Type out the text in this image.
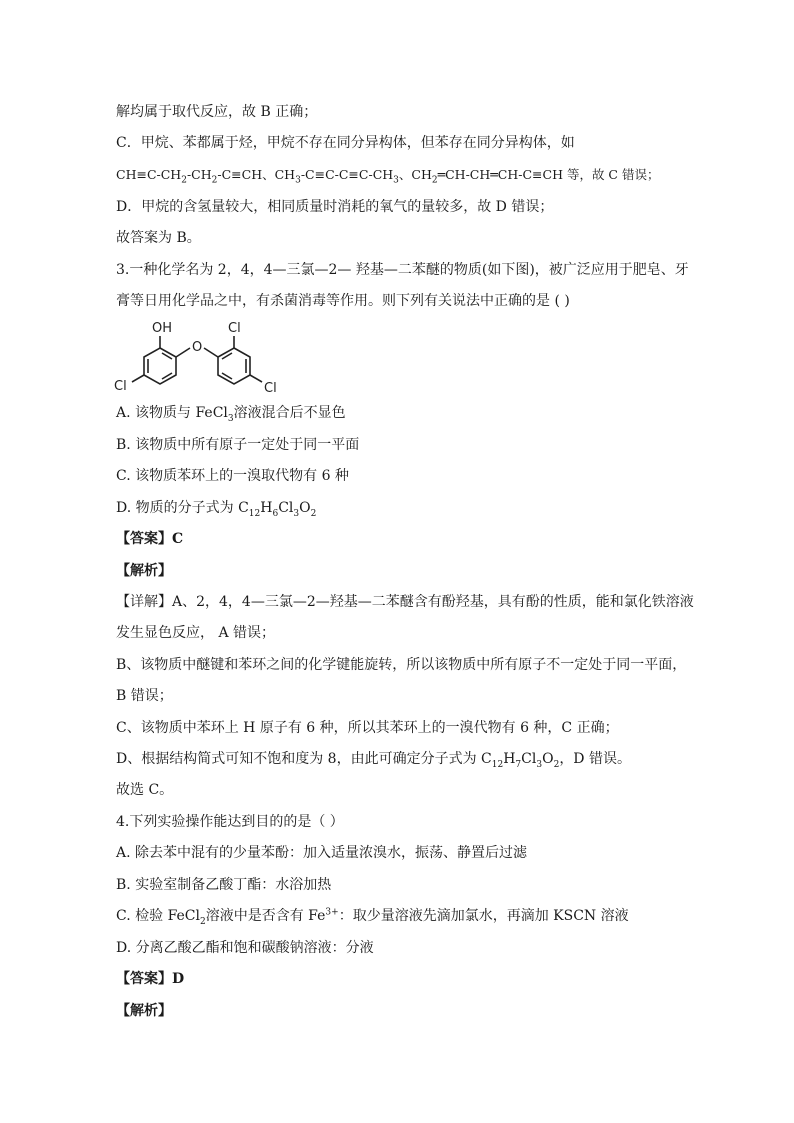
解均属于取代反应，故 B 正确；
C．甲烷、苯都属于烃，甲烷不存在同分异构体，但苯存在同分异构体，如
$CH\equiv C-CH_2-CH_2-C\equiv CH$、$CH_3-C\equiv C-C\equiv C-CH_3$、$CH_2═CH-CH═CH-C\equiv CH$ 等，故 C 错误；
D．甲烷的含氢量较大，相同质量时消耗的氧气的量较多，故 D 错误；
故答案为 B。
3.一种化学名为 2，4，4—三氯—2— 羟基—二苯醚的物质(如下图)，被广泛应用于肥皂、牙
膏等日用化学品之中，有杀菌消毒等作用。则下列有关说法中正确的是 ( )
OH
O
Cl
Cl
Cl
A. 该物质与 FeCl$_3$溶液混合后不显色
B. 该物质中所有原子一定处于同一平面
C. 该物质苯环上的一溴取代物有 6 种
D. 物质的分子式为 $C_{12}H_6Cl_3O_2$
【答案】C
【解析】
【详解】A、2，4，4—三氯—2—羟基—二苯醚含有酚羟基，具有酚的性质，能和氯化铁溶液
发生显色反应， A 错误；
B、该物质中醚键和苯环之间的化学键能旋转，所以该物质中所有原子不一定处于同一平面，
B 错误；
C、该物质中苯环上 H 原子有 6 种，所以其苯环上的一溴代物有 6 种，C 正确；
D、根据结构简式可知不饱和度为 8，由此可确定分子式为 $C_{12}H_7Cl_3O_2$，D 错误。
故选 C。
4.下列实验操作能达到目的的是（ ）
A. 除去苯中混有的少量苯酚：加入适量浓溴水，振荡、静置后过滤
B. 实验室制备乙酸丁酯：水浴加热
C. 检验 FeCl$_2$溶液中是否含有 $Fe^{3+}$：取少量溶液先滴加氯水，再滴加 KSCN 溶液
D. 分离乙酸乙酯和饱和碳酸钠溶液：分液
【答案】D
【解析】
